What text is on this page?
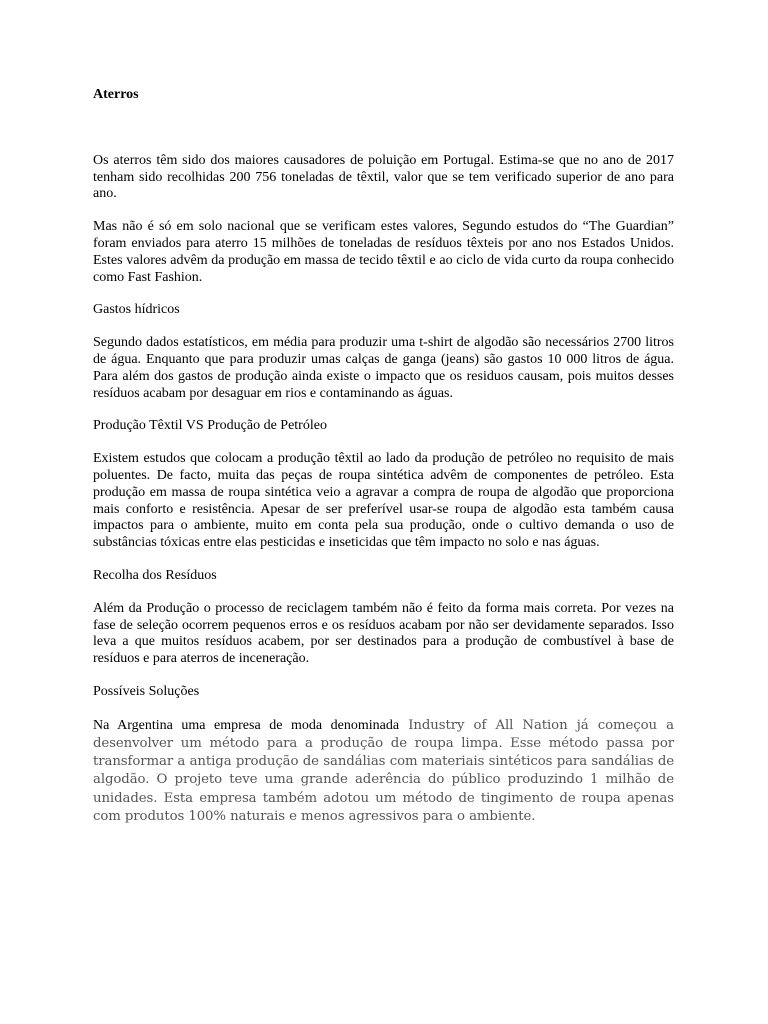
Aterros

Os aterros têm sido dos maiores causadores de poluição em Portugal. Estima-se que no ano de 2017 tenham sido recolhidas 200 756 toneladas de têxtil, valor que se tem verificado superior de ano para ano.

Mas não é só em solo nacional que se verificam estes valores, Segundo estudos do “The Guardian” foram enviados para aterro 15 milhões de toneladas de resíduos têxteis por ano nos Estados Unidos. Estes valores advêm da produção em massa de tecido têxtil e ao ciclo de vida curto da roupa conhecido como Fast Fashion.

Gastos hídricos

Segundo dados estatísticos, em média para produzir uma t-shirt de algodão são necessários 2700 litros de água. Enquanto que para produzir umas calças de ganga (jeans) são gastos 10 000 litros de água. Para além dos gastos de produção ainda existe o impacto que os residuos causam, pois muitos desses resíduos acabam por desaguar em rios e contaminando as águas.

Produção Têxtil VS Produção de Petróleo

Existem estudos que colocam a produção têxtil ao lado da produção de petróleo no requisito de mais poluentes. De facto, muita das peças de roupa sintética advêm de componentes de petróleo. Esta produção em massa de roupa sintética veio a agravar a compra de roupa de algodão que proporciona mais conforto e resistência. Apesar de ser preferível usar-se roupa de algodão esta também causa impactos para o ambiente, muito em conta pela sua produção, onde o cultivo demanda o uso de substâncias tóxicas entre elas pesticidas e inseticidas que têm impacto no solo e nas águas.

Recolha dos Resíduos

Além da Produção o processo de reciclagem também não é feito da forma mais correta. Por vezes na fase de seleção ocorrem pequenos erros e os resíduos acabam por não ser devidamente separados. Isso leva a que muitos resíduos acabem, por ser destinados para a produção de combustível à base de resíduos e para aterros de inceneração.

Possíveis Soluções

Na Argentina uma empresa de moda denominada Industry of All Nation já começou a desenvolver um método para a produção de roupa limpa. Esse método passa por transformar a antiga produção de sandálias com materiais sintéticos para sandálias de algodão. O projeto teve uma grande aderência do público produzindo 1 milhão de unidades. Esta empresa também adotou um método de tingimento de roupa apenas com produtos 100% naturais e menos agressivos para o ambiente.
